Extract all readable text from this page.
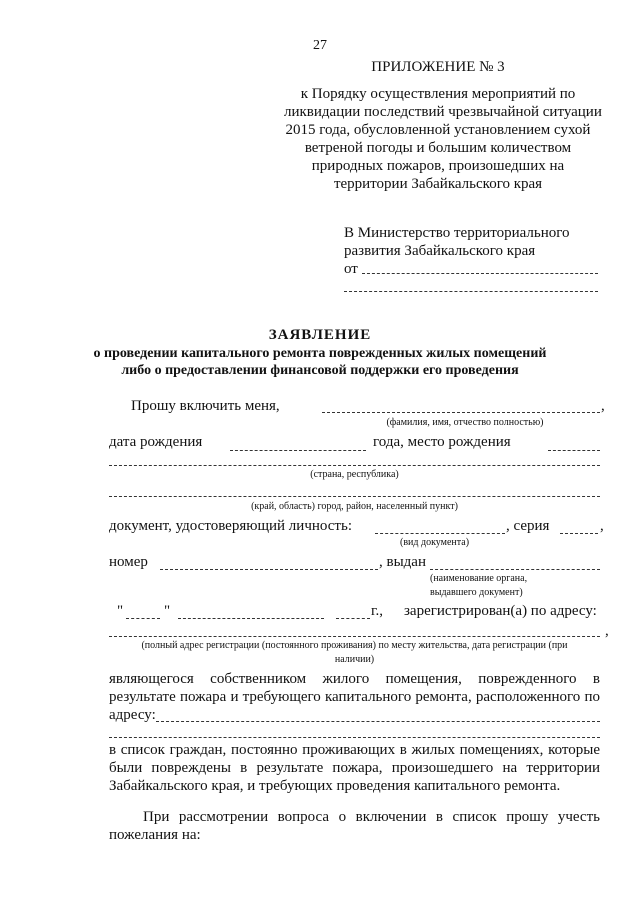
27
ПРИЛОЖЕНИЕ № 3
к Порядку осуществления мероприятий по
ликвидации последствий чрезвычайной ситуации
2015 года, обусловленной установлением сухой
ветреной погоды и большим количеством
природных пожаров, произошедших на
территории Забайкальского края
В Министерство территориального
развития Забайкальского края
от
ЗАЯВЛЕНИЕ
о проведении капитального ремонта поврежденных жилых помещений
либо о предоставлении финансовой поддержки его проведения
Прошу включить меня,	,
(фамилия, имя, отчество полностью)
дата рождения	года, место рождения
(страна, республика)
(край, область) город, район, населенный пункт)
документ, удостоверяющий личность:	, серия	,
(вид документа)
номер	, выдан
(наименование органа,
выдавшего документ)
"	"	г., зарегистрирован(а) по адресу:
,
(полный адрес регистрации (постоянного проживания) по месту жительства, дата регистрации (при
наличии)
являющегося собственником жилого помещения, поврежденного в
результате пожара и требующего капитального ремонта, расположенного по
адресу:
в список граждан, постоянно проживающих в жилых помещениях, которые
были повреждены в результате пожара, произошедшего на территории
Забайкальского края, и требующих проведения капитального ремонта.
При рассмотрении вопроса о включении в список прошу учесть
пожелания на:
